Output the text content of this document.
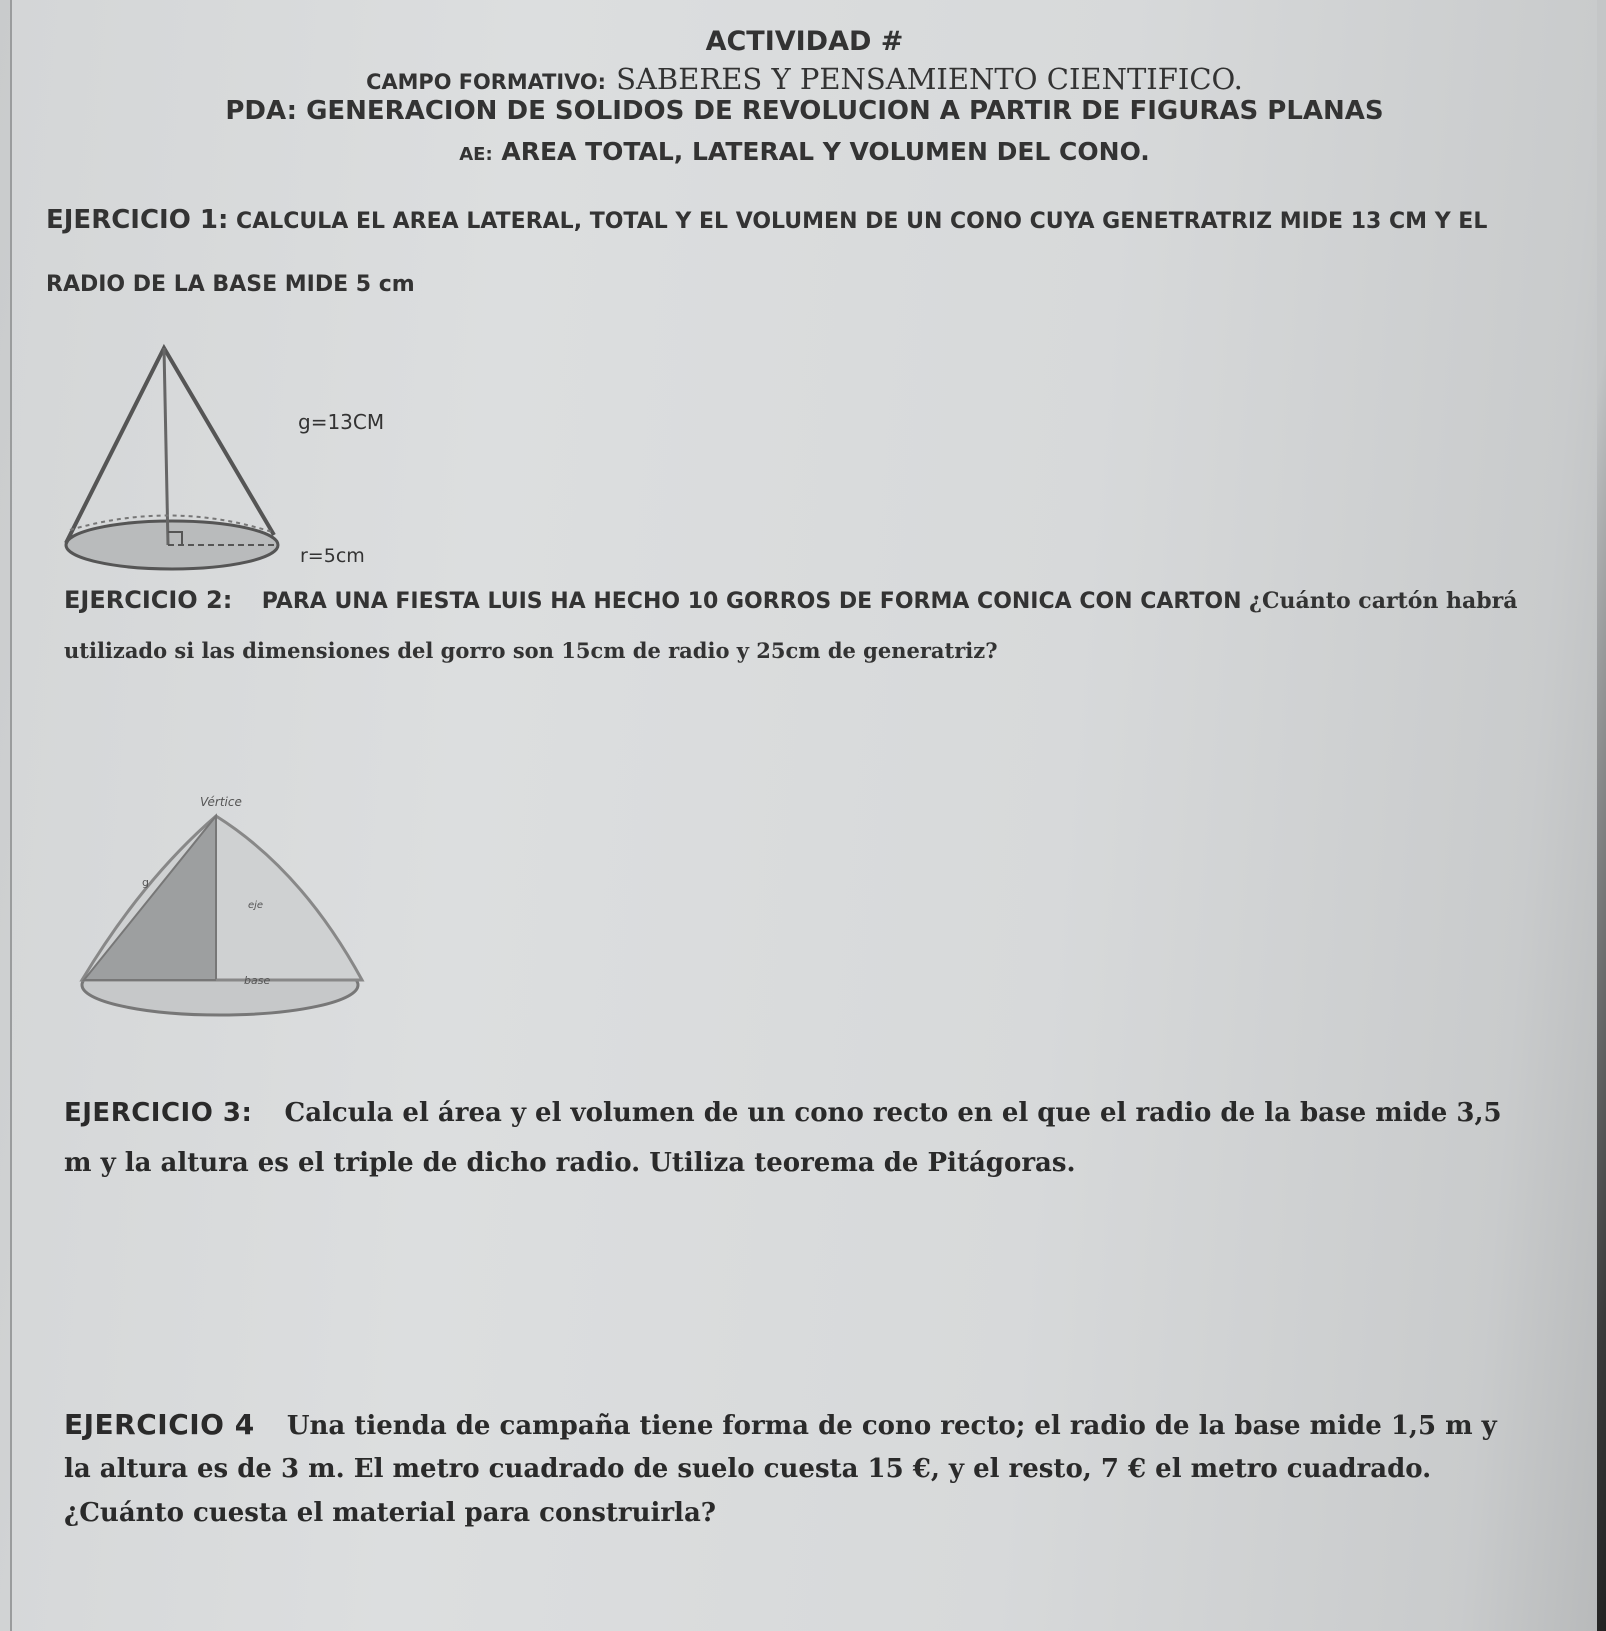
ACTIVIDAD #
CAMPO FORMATIVO: SABERES Y PENSAMIENTO CIENTIFICO.
PDA: GENERACION DE SOLIDOS DE REVOLUCION A PARTIR DE FIGURAS PLANAS
AE: AREA TOTAL, LATERAL Y VOLUMEN DEL CONO.
EJERCICIO 1: CALCULA EL AREA LATERAL, TOTAL Y EL VOLUMEN DE UN CONO CUYA GENETRATRIZ MIDE 13 CM Y EL
RADIO DE LA BASE MIDE 5 cm
g=13CM
r=5cm
EJERCICIO 2: PARA UNA FIESTA LUIS HA HECHO 10 GORROS DE FORMA CONICA CON CARTON ¿Cuánto cartón habrá
utilizado si las dimensiones del gorro son 15cm de radio y 25cm de generatriz?
Vértice
g
eje
base
EJERCICIO 3: Calcula el área y el volumen de un cono recto en el que el radio de la base mide 3,5
m y la altura es el triple de dicho radio. Utiliza teorema de Pitágoras.
EJERCICIO 4 Una tienda de campaña tiene forma de cono recto; el radio de la base mide 1,5 m y
la altura es de 3 m. El metro cuadrado de suelo cuesta 15 €, y el resto, 7 € el metro cuadrado.
¿Cuánto cuesta el material para construirla?
